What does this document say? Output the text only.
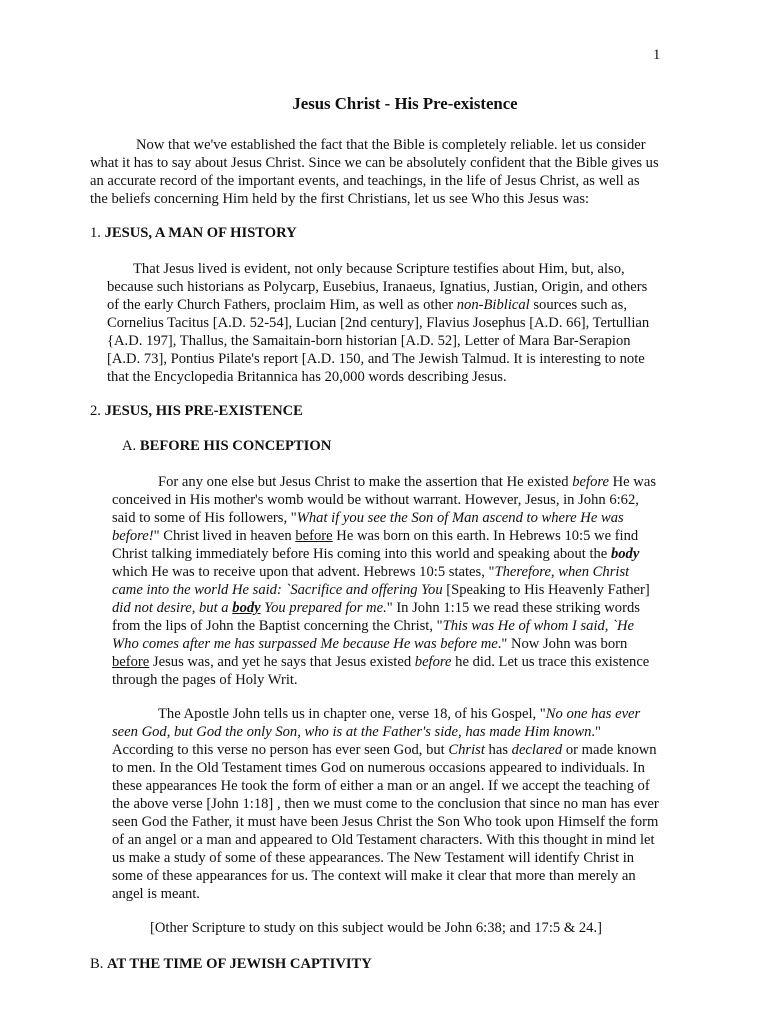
1
Jesus Christ - His Pre-existence
Now that we've established the fact that the Bible is completely reliable. let us consider
what it has to say about Jesus Christ. Since we can be absolutely confident that the Bible gives us
an accurate record of the important events, and teachings, in the life of Jesus Christ, as well as
the beliefs concerning Him held by the first Christians, let us see Who this Jesus was:
1. JESUS, A MAN OF HISTORY
That Jesus lived is evident, not only because Scripture testifies about Him, but, also,
because such historians as Polycarp, Eusebius, Iranaeus, Ignatius, Justian, Origin, and others
of the early Church Fathers, proclaim Him, as well as other non-Biblical sources such as,
Cornelius Tacitus [A.D. 52-54], Lucian [2nd century], Flavius Josephus [A.D. 66], Tertullian
{A.D. 197], Thallus, the Samaitain-born historian [A.D. 52], Letter of Mara Bar-Serapion
[A.D. 73], Pontius Pilate's report [A.D. 150, and The Jewish Talmud. It is interesting to note
that the Encyclopedia Britannica has 20,000 words describing Jesus.
2. JESUS, HIS PRE-EXISTENCE
A. BEFORE HIS CONCEPTION
For any one else but Jesus Christ to make the assertion that He existed before He was
conceived in His mother's womb would be without warrant. However, Jesus, in John 6:62,
said to some of His followers, "What if you see the Son of Man ascend to where He was
before!" Christ lived in heaven before He was born on this earth. In Hebrews 10:5 we find
Christ talking immediately before His coming into this world and speaking about the body
which He was to receive upon that advent. Hebrews 10:5 states, "Therefore, when Christ
came into the world He said: `Sacrifice and offering You [Speaking to His Heavenly Father]
did not desire, but a body You prepared for me." In John 1:15 we read these striking words
from the lips of John the Baptist concerning the Christ, "This was He of whom I said, `He
Who comes after me has surpassed Me because He was before me." Now John was born
before Jesus was, and yet he says that Jesus existed before he did. Let us trace this existence
through the pages of Holy Writ.
The Apostle John tells us in chapter one, verse 18, of his Gospel, "No one has ever
seen God, but God the only Son, who is at the Father's side, has made Him known."
According to this verse no person has ever seen God, but Christ has declared or made known
to men. In the Old Testament times God on numerous occasions appeared to individuals. In
these appearances He took the form of either a man or an angel. If we accept the teaching of
the above verse [John 1:18] , then we must come to the conclusion that since no man has ever
seen God the Father, it must have been Jesus Christ the Son Who took upon Himself the form
of an angel or a man and appeared to Old Testament characters. With this thought in mind let
us make a study of some of these appearances. The New Testament will identify Christ in
some of these appearances for us. The context will make it clear that more than merely an
angel is meant.
[Other Scripture to study on this subject would be John 6:38; and 17:5 & 24.]
B. AT THE TIME OF JEWISH CAPTIVITY
